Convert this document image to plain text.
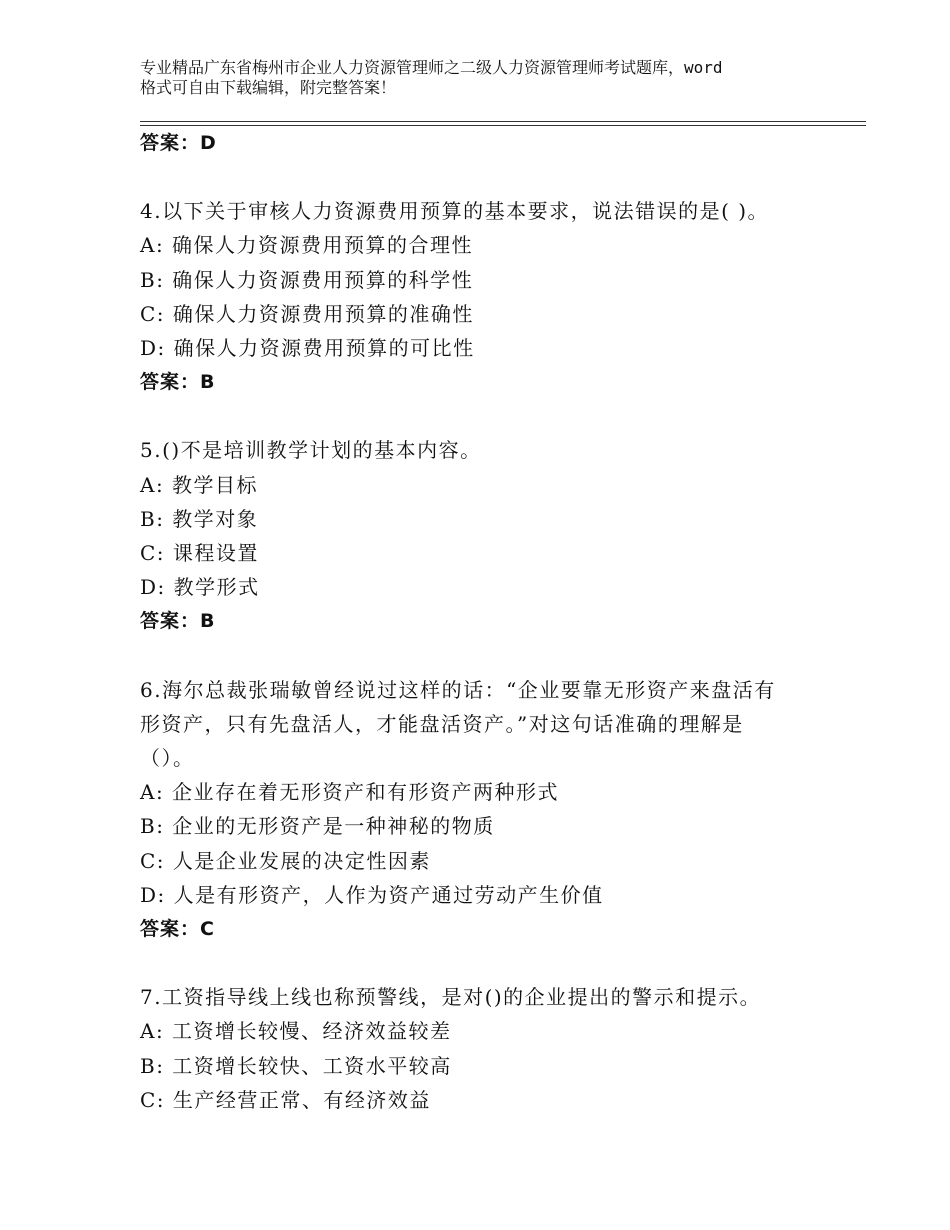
专业精品广东省梅州市企业人力资源管理师之二级人力资源管理师考试题库，word
格式可自由下载编辑，附完整答案！
答案：D
4.以下关于审核人力资源费用预算的基本要求，说法错误的是( )。
A: 确保人力资源费用预算的合理性
B: 确保人力资源费用预算的科学性
C: 确保人力资源费用预算的准确性
D: 确保人力资源费用预算的可比性
答案：B
5.()不是培训教学计划的基本内容。
A: 教学目标
B: 教学对象
C: 课程设置
D: 教学形式
答案：B
6.海尔总裁张瑞敏曾经说过这样的话：“企业要靠无形资产来盘活有
形资产，只有先盘活人，才能盘活资产。”对这句话准确的理解是
（）。
A: 企业存在着无形资产和有形资产两种形式
B: 企业的无形资产是一种神秘的物质
C: 人是企业发展的决定性因素
D: 人是有形资产，人作为资产通过劳动产生价值
答案：C
7.工资指导线上线也称预警线，是对()的企业提出的警示和提示。
A: 工资增长较慢、经济效益较差
B: 工资增长较快、工资水平较高
C: 生产经营正常、有经济效益
